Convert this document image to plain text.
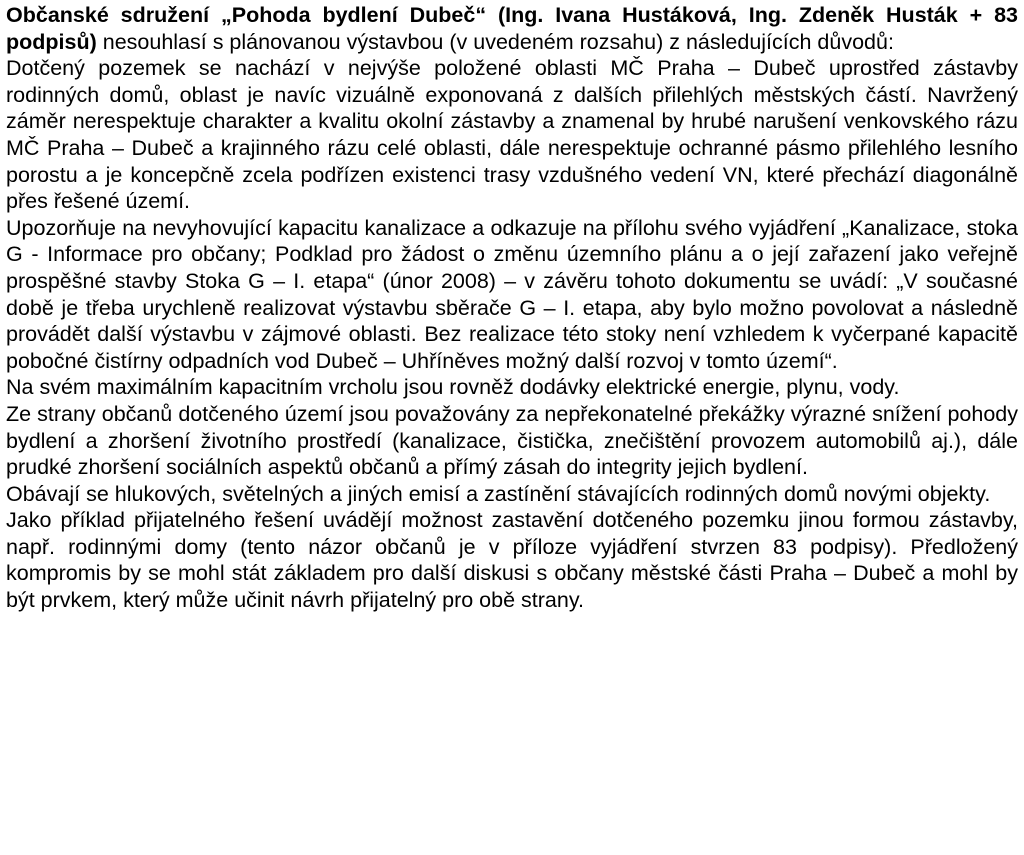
Občanské sdružení „Pohoda bydlení Dubeč“ (Ing. Ivana Hustáková, Ing. Zdeněk Husták + 83 podpisů) nesouhlasí s plánovanou výstavbou (v uvedeném rozsahu) z následujících důvodů:

Dotčený pozemek se nachází v nejvýše položené oblasti MČ Praha – Dubeč uprostřed zástavby rodinných domů, oblast je navíc vizuálně exponovaná z dalších přilehlých městských částí. Navržený záměr nerespektuje charakter a kvalitu okolní zástavby a znamenal by hrubé narušení venkovského rázu MČ Praha – Dubeč a krajinného rázu celé oblasti, dále nerespektuje ochranné pásmo přilehlého lesního porostu a je koncepčně zcela podřízen existenci trasy vzdušného vedení VN, které přechází diagonálně přes řešené území.

Upozorňuje na nevyhovující kapacitu kanalizace a odkazuje na přílohu svého vyjádření „Kanalizace, stoka G - Informace pro občany; Podklad pro žádost o změnu územního plánu a o její zařazení jako veřejně prospěšné stavby Stoka G – I. etapa“ (únor 2008) – v závěru tohoto dokumentu se uvádí: „V současné době je třeba urychleně realizovat výstavbu sběrače G – I. etapa, aby bylo možno povolovat a následně provádět další výstavbu v zájmové oblasti. Bez realizace této stoky není vzhledem k vyčerpané kapacitě pobočné čistírny odpadních vod Dubeč – Uhříněves možný další rozvoj v tomto území“.

Na svém maximálním kapacitním vrcholu jsou rovněž dodávky elektrické energie, plynu, vody.

Ze strany občanů dotčeného území jsou považovány za nepřekonatelné překážky výrazné snížení pohody bydlení a zhoršení životního prostředí (kanalizace, čistička, znečištění provozem automobilů aj.), dále prudké zhoršení sociálních aspektů občanů a přímý zásah do integrity jejich bydlení.

Obávají se hlukových, světelných a jiných emisí a zastínění stávajících rodinných domů novými objekty.

Jako příklad přijatelného řešení uvádějí možnost zastavění dotčeného pozemku jinou formou zástavby, např. rodinnými domy (tento názor občanů je v příloze vyjádření stvrzen 83 podpisy). Předložený kompromis by se mohl stát základem pro další diskusi s občany městské části Praha – Dubeč a mohl by být prvkem, který může učinit návrh přijatelný pro obě strany.
